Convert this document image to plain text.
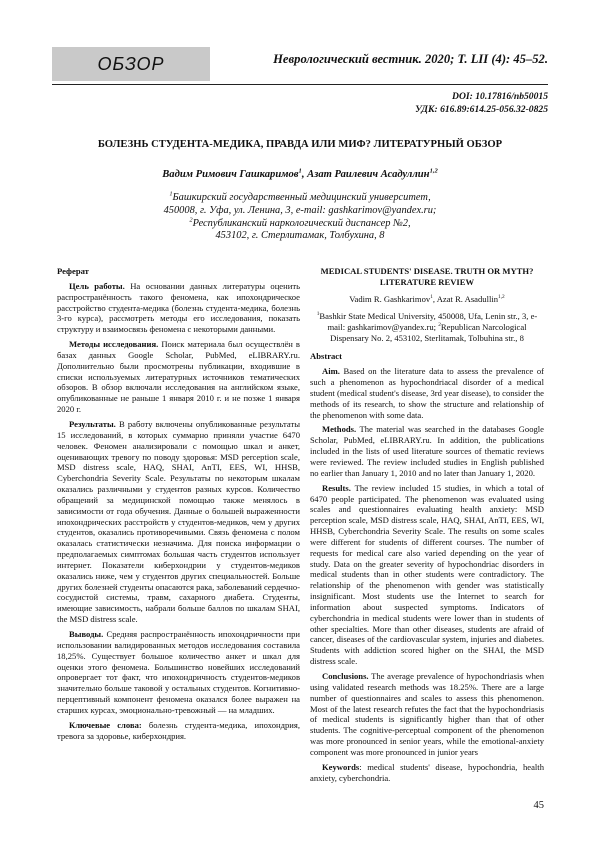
ОБЗОР	Неврологический вестник. 2020; Т. LII (4): 45–52.
DOI: 10.17816/nb50015
УДК: 616.89:614.25-056.32-0825
БОЛЕЗНЬ СТУДЕНТА-МЕДИКА, ПРАВДА ИЛИ МИФ? ЛИТЕРАТУРНЫЙ ОБЗОР
Вадим Римович Гашкаримов$^1$, Азат Раилевич Асадуллин$^{1,2}$
$^1$Башкирский государственный медицинский университет,
450008, г. Уфа, ул. Ленина, 3, e-mail: gashkarimov@yandex.ru;
$^2$Республиканский наркологический диспансер №2,
453102, г. Стерлитамак, Толбухина, 8

Реферат

Цель работы. На основании данных литературы оценить распространённость такого феномена, как ипохондрическое расстройство студента-медика (болезнь студента-медика, болезнь 3-го курса), рассмотреть методы его исследования, показать структуру и взаимосвязь феномена с некоторыми данными.

Методы исследования. Поиск материала был осуществлён в базах данных Google Scholar, PubMed, eLIBRARY.ru. Дополнительно были просмотрены публикации, входившие в списки используемых литературных источников тематических обзоров. В обзор включали исследования на английском языке, опубликованные не раньше 1 января 2010 г. и не позже 1 января 2020 г.

Результаты. В работу включены опубликованные результаты 15 исследований, в которых суммарно приняли участие 6470 человек. Феномен анализировали с помощью шкал и анкет, оценивающих тревогу по поводу здоровья: MSD perception scale, MSD distress scale, HAQ, SHAI, AnTI, EES, WI, HHSB, Cyberchondria Severity Scale. Результаты по некоторым шкалам оказались различными у студентов разных курсов. Количество обращений за медицинской помощью также менялось в зависимости от года обучения. Данные о большей выраженности ипохондрических расстройств у студентов-медиков, чем у других студентов, оказались противоречивыми. Связь феномена с полом оказалась статистически незначима. Для поиска информации о предполагаемых симптомах большая часть студентов использует интернет. Показатели киберхондрии у студентов-медиков оказались ниже, чем у студентов других специальностей. Больше других болезней студенты опасаются рака, заболеваний сердечно-сосудистой системы, травм, сахарного диабета. Студенты, имеющие зависимость, набрали больше баллов по шкалам SHAI, the MSD distress scale.

Выводы. Средняя распространённость ипохондричности при использовании валидированных методов исследования составила 18,25%. Существует большое количество анкет и шкал для оценки этого феномена. Большинство новейших исследований опровергает тот факт, что ипохондричность студентов-медиков значительно больше таковой у остальных студентов. Когнитивно-перцептивный компонент феномена оказался более выражен на старших курсах, эмоционально-тревожный — на младших.

Ключевые слова: болезнь студента-медика, ипохондрия, тревога за здоровье, киберхондрия.

MEDICAL STUDENTS' DISEASE. TRUTH OR MYTH? LITERATURE REVIEW
Vadim R. Gashkarimov$^1$, Azat R. Asadullin$^{1,2}$
$^1$Bashkir State Medical University, 450008, Ufa, Lenin str., 3, e-mail: gashkarimov@yandex.ru; $^2$Republican Narcological Dispensary No. 2, 453102, Sterlitamak, Tolbuhina str., 8

Abstract

Aim. Based on the literature data to assess the prevalence of such a phenomenon as hypochondriacal disorder of a medical student (medical student's disease, 3rd year disease), to consider the methods of its research, to show the structure and relationship of the phenomenon with some data.

Methods. The material was searched in the databases Google Scholar, PubMed, eLIBRARY.ru. In addition, the publications included in the lists of used literature sources of thematic reviews were reviewed. The review included studies in English published no earlier than January 1, 2010 and no later than January 1, 2020.

Results. The review included 15 studies, in which a total of 6470 people participated. The phenomenon was evaluated using scales and questionnaires evaluating health anxiety: MSD perception scale, MSD distress scale, HAQ, SHAI, AnTI, EES, WI, HHSB, Cyberchondria Severity Scale. The results on some scales were different for students of different courses. The number of requests for medical care also varied depending on the year of study. Data on the greater severity of hypochondriac disorders in medical students than in other students were contradictory. The relationship of the phenomenon with gender was statistically insignificant. Most students use the Internet to search for information about suspected symptoms. Indicators of cyberchondria in medical students were lower than in students of other specialties. More than other diseases, students are afraid of cancer, diseases of the cardiovascular system, injuries and diabetes. Students with addiction scored higher on the SHAI, the MSD distress scale.

Conclusions. The average prevalence of hypochondriasis when using validated research methods was 18.25%. There are a large number of questionnaires and scales to assess this phenomenon. Most of the latest research refutes the fact that the hypochondriasis of medical students is significantly higher than that of other students. The cognitive-perceptual component of the phenomenon was more pronounced in senior years, while the emotional-anxiety component was more pronounced in junior years

Keywords: medical students' disease, hypochondria, health anxiety, cyberchondria.

45
